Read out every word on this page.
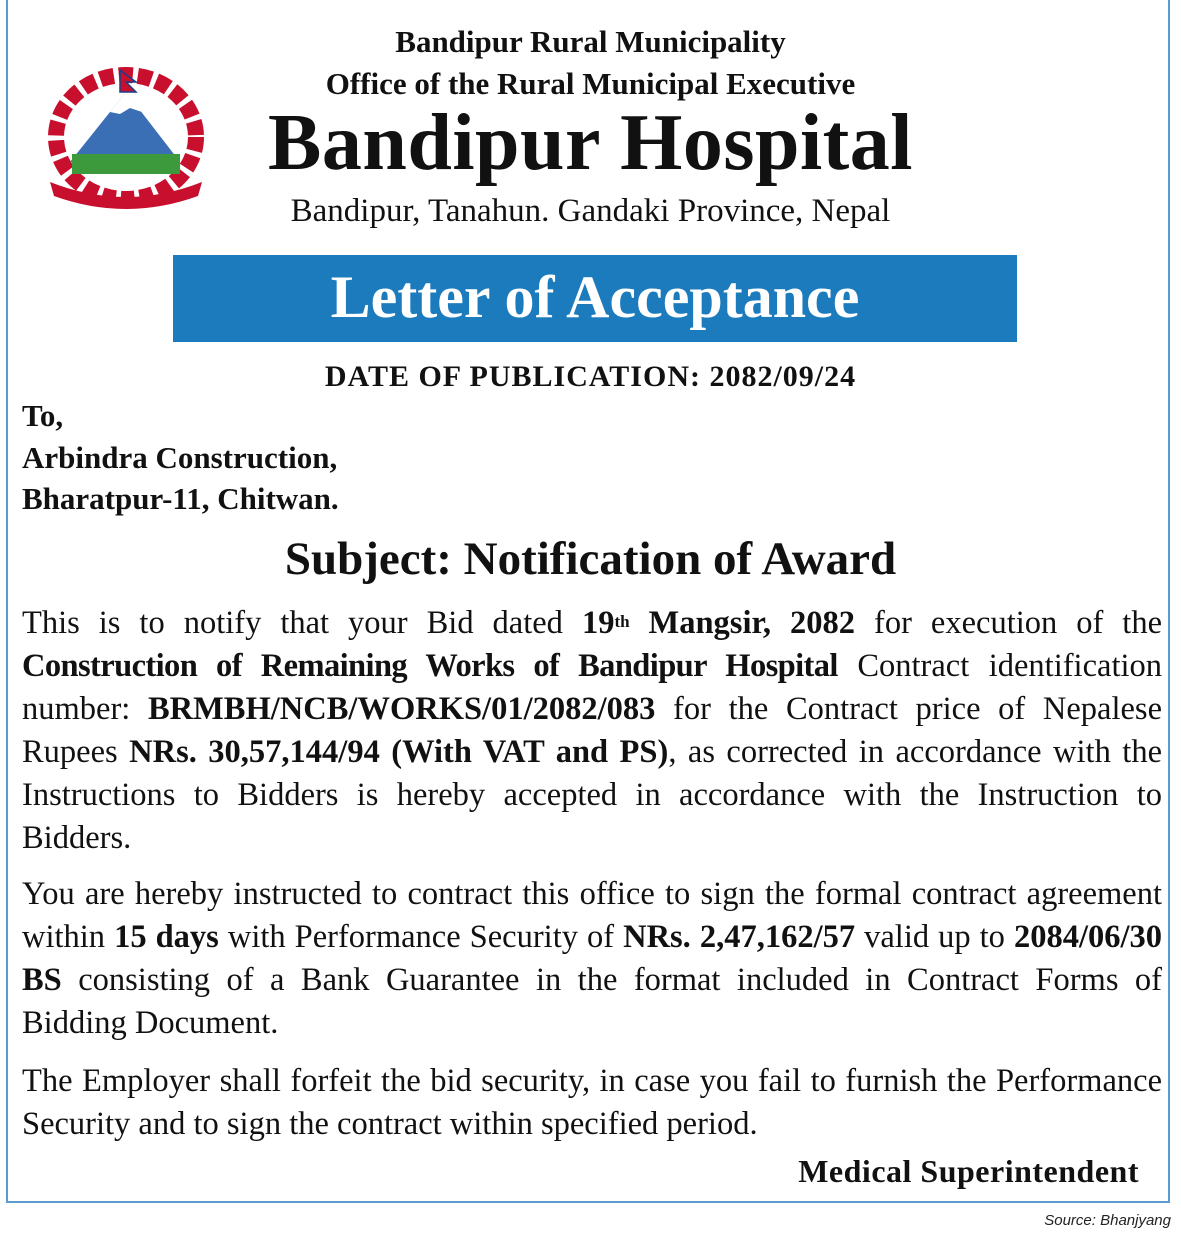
Bandipur Rural Municipality
Office of the Rural Municipal Executive
Bandipur Hospital
Bandipur, Tanahun. Gandaki Province, Nepal
Letter of Acceptance
DATE OF PUBLICATION: 2082/09/24
To,
Arbindra Construction,
Bharatpur-11, Chitwan.
Subject: Notification of Award
This is to notify that your Bid dated 19th Mangsir, 2082 for execution of the Construction of Remaining Works of Bandipur Hospital Contract identification number: BRMBH/NCB/WORKS/01/2082/083 for the Contract price of Nepalese Rupees NRs. 30,57,144/94 (With VAT and PS), as corrected in accordance with the Instructions to Bidders is hereby accepted in accordance with the Instruction to Bidders.
You are hereby instructed to contract this office to sign the formal contract agreement within 15 days with Performance Security of NRs. 2,47,162/57 valid up to 2084/06/30 BS consisting of a Bank Guarantee in the format included in Contract Forms of Bidding Document.
The Employer shall forfeit the bid security, in case you fail to furnish the Performance Security and to sign the contract within specified period.
Medical Superintendent
Source: Bhanjyang
